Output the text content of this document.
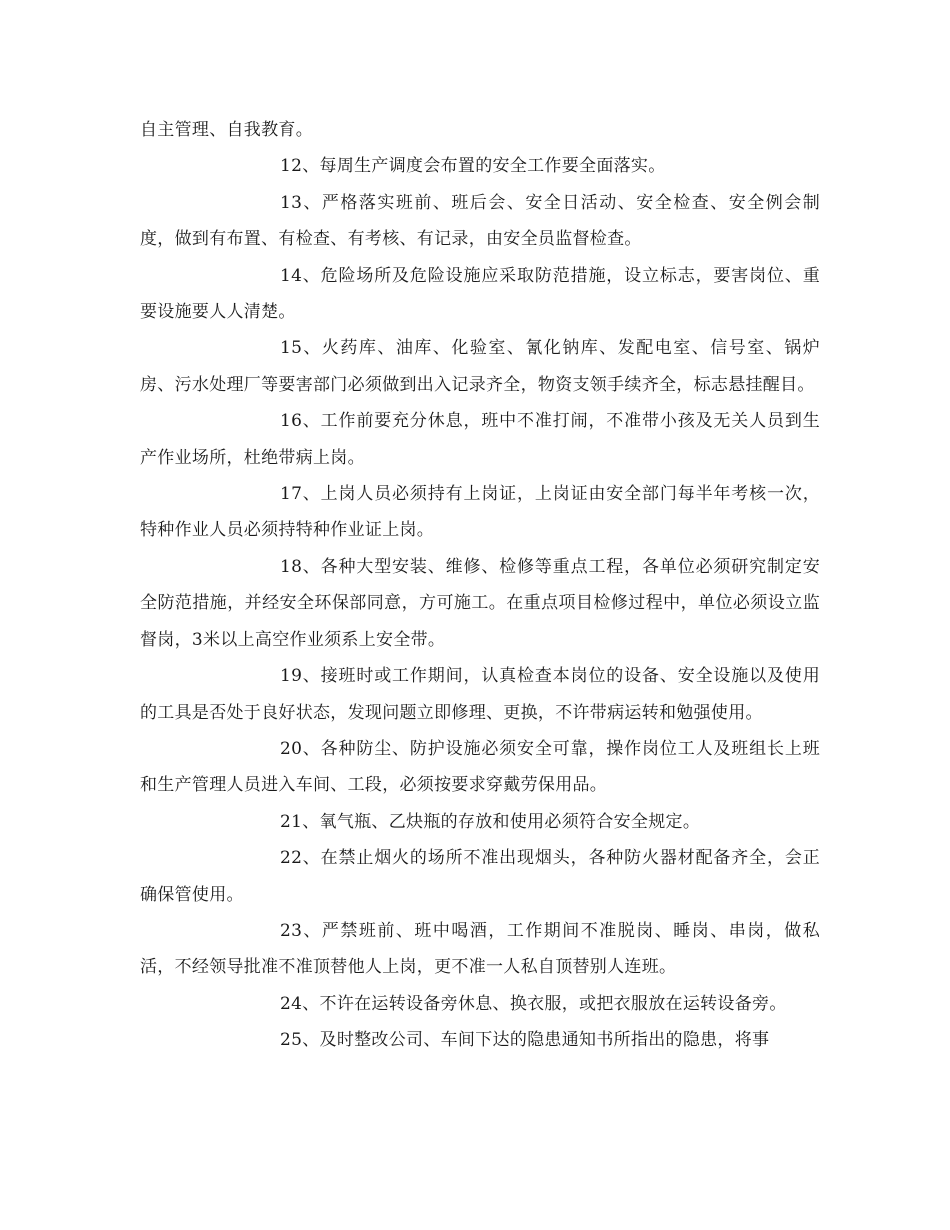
自主管理、自我教育。

12、每周生产调度会布置的安全工作要全面落实。

13、严格落实班前、班后会、安全日活动、安全检查、安全例会制度，做到有布置、有检查、有考核、有记录，由安全员监督检查。

14、危险场所及危险设施应采取防范措施，设立标志，要害岗位、重要设施要人人清楚。

15、火药库、油库、化验室、氰化钠库、发配电室、信号室、锅炉房、污水处理厂等要害部门必须做到出入记录齐全，物资支领手续齐全，标志悬挂醒目。

16、工作前要充分休息，班中不准打闹，不准带小孩及无关人员到生产作业场所，杜绝带病上岗。

17、上岗人员必须持有上岗证，上岗证由安全部门每半年考核一次，特种作业人员必须持特种作业证上岗。

18、各种大型安装、维修、检修等重点工程，各单位必须研究制定安全防范措施，并经安全环保部同意，方可施工。在重点项目检修过程中，单位必须设立监督岗，3米以上高空作业须系上安全带。

19、接班时或工作期间，认真检查本岗位的设备、安全设施以及使用的工具是否处于良好状态，发现问题立即修理、更换，不许带病运转和勉强使用。

20、各种防尘、防护设施必须安全可靠，操作岗位工人及班组长上班和生产管理人员进入车间、工段，必须按要求穿戴劳保用品。

21、氧气瓶、乙炔瓶的存放和使用必须符合安全规定。

22、在禁止烟火的场所不准出现烟头，各种防火器材配备齐全，会正确保管使用。

23、严禁班前、班中喝酒，工作期间不准脱岗、睡岗、串岗，做私活，不经领导批准不准顶替他人上岗，更不准一人私自顶替别人连班。

24、不许在运转设备旁休息、换衣服，或把衣服放在运转设备旁。

25、及时整改公司、车间下达的隐患通知书所指出的隐患，将事
